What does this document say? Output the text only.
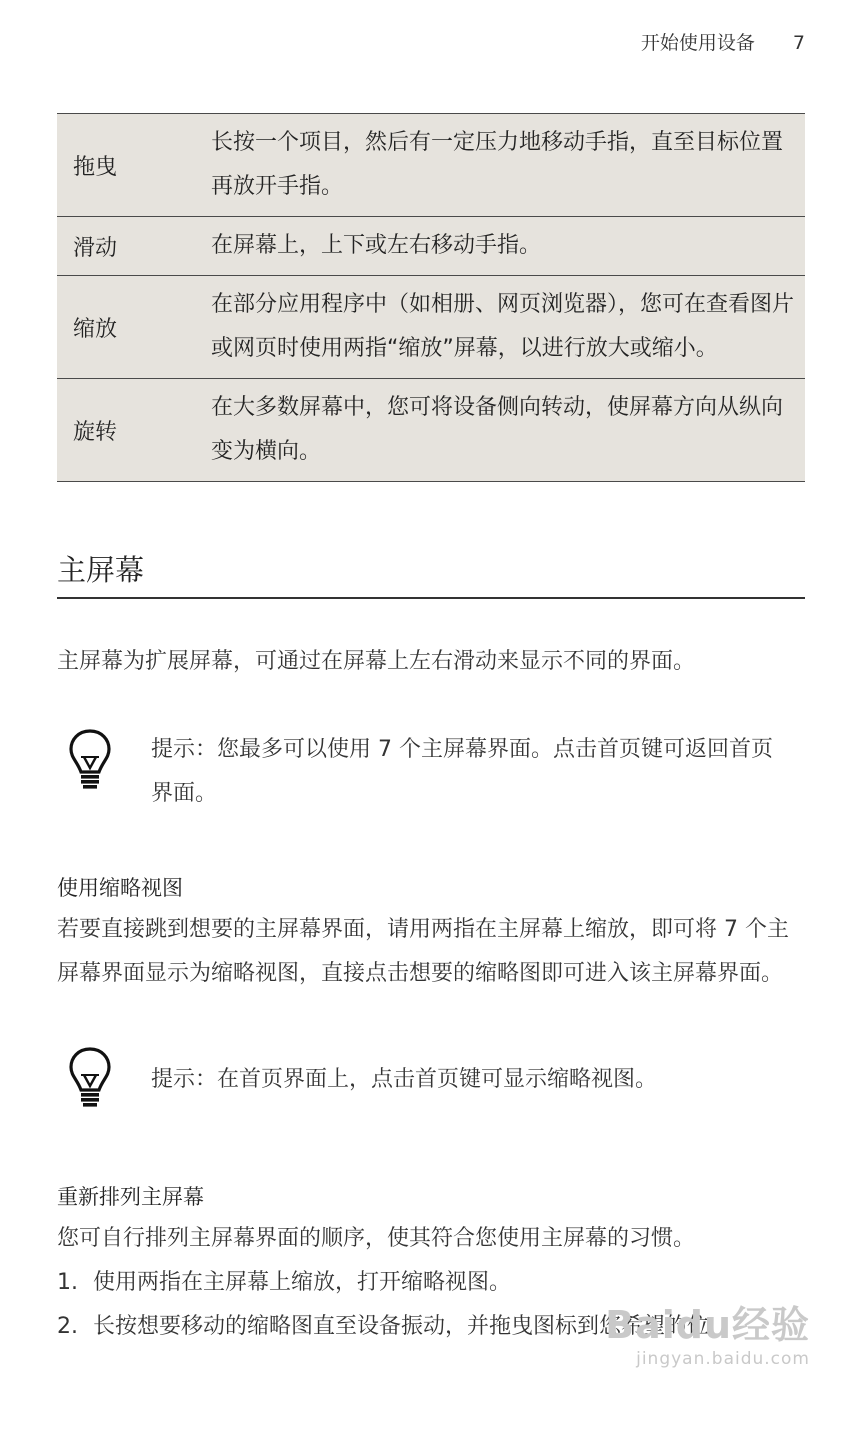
开始使用设备 7
拖曳	长按一个项目，然后有一定压力地移动手指，直至目标位置再放开手指。
滑动	在屏幕上，上下或左右移动手指。
缩放	在部分应用程序中（如相册、网页浏览器），您可在查看图片或网页时使用两指“缩放”屏幕，以进行放大或缩小。
旋转	在大多数屏幕中，您可将设备侧向转动，使屏幕方向从纵向变为横向。
主屏幕
主屏幕为扩展屏幕，可通过在屏幕上左右滑动来显示不同的界面。
提示：您最多可以使用 7 个主屏幕界面。点击首页键可返回首页界面。
使用缩略视图
若要直接跳到想要的主屏幕界面，请用两指在主屏幕上缩放，即可将 7 个主屏幕界面显示为缩略视图，直接点击想要的缩略图即可进入该主屏幕界面。
提示：在首页界面上，点击首页键可显示缩略视图。
重新排列主屏幕
您可自行排列主屏幕界面的顺序，使其符合您使用主屏幕的习惯。
1. 使用两指在主屏幕上缩放，打开缩略视图。
2. 长按想要移动的缩略图直至设备振动，并拖曳图标到您希望的位
Baidu经验
jingyan.baidu.com
